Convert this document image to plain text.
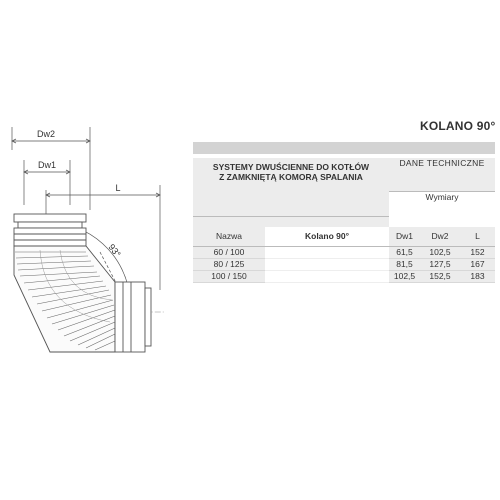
Dw2
Dw1
L
93°
KOLANO 90°

SYSTEMY DWUŚCIENNE DO KOTŁÓW
Z ZAMKNIĘTĄ KOMORĄ SPALANIA		DANE TECHNICZNE		
		Wymiary		

Nazwa	Kolano 90°	Dw1	Dw2	L
60 / 100		61,5	102,5	152
80 / 125		81,5	127,5	167
100 / 150		102,5	152,5	183
